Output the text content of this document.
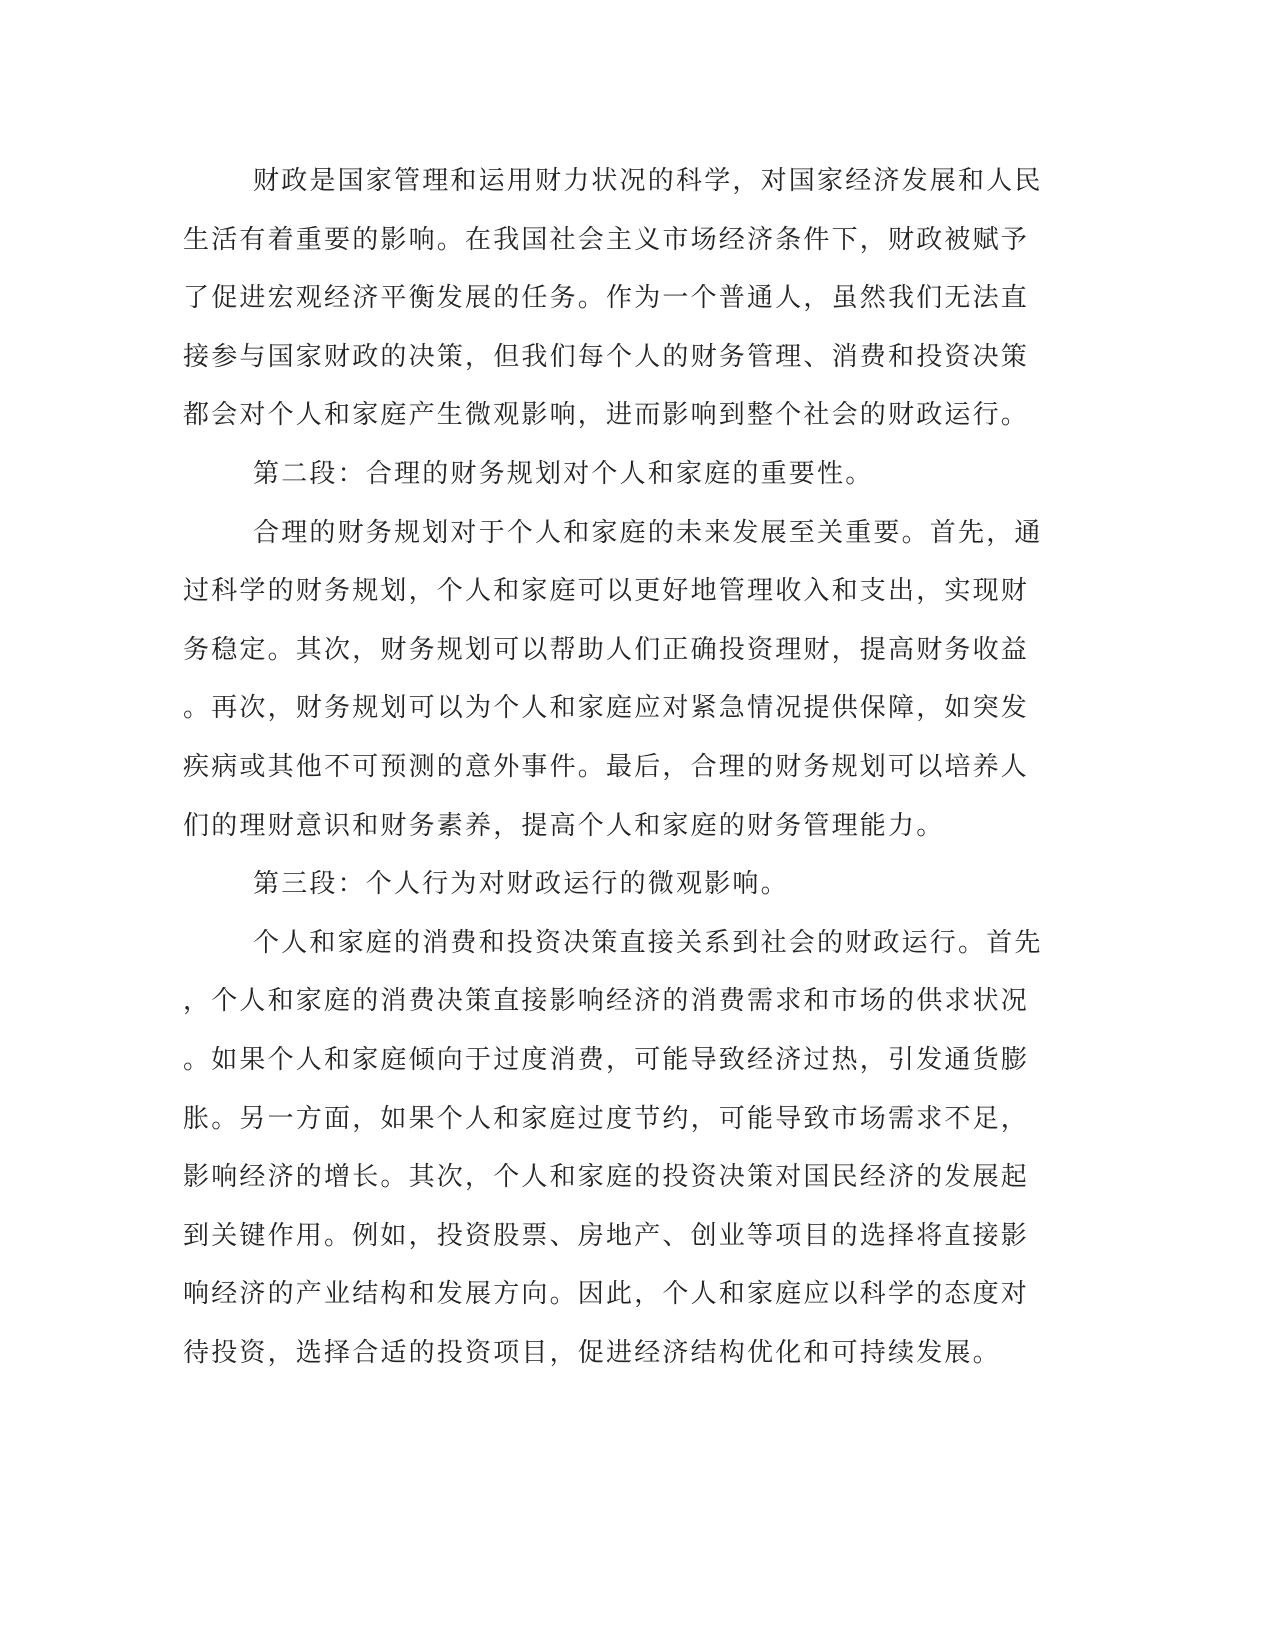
财政是国家管理和运用财力状况的科学，对国家经济发展和人民
生活有着重要的影响。在我国社会主义市场经济条件下，财政被赋予
了促进宏观经济平衡发展的任务。作为一个普通人，虽然我们无法直
接参与国家财政的决策，但我们每个人的财务管理、消费和投资决策
都会对个人和家庭产生微观影响，进而影响到整个社会的财政运行。
第二段：合理的财务规划对个人和家庭的重要性。
合理的财务规划对于个人和家庭的未来发展至关重要。首先，通
过科学的财务规划，个人和家庭可以更好地管理收入和支出，实现财
务稳定。其次，财务规划可以帮助人们正确投资理财，提高财务收益
。再次，财务规划可以为个人和家庭应对紧急情况提供保障，如突发
疾病或其他不可预测的意外事件。最后，合理的财务规划可以培养人
们的理财意识和财务素养，提高个人和家庭的财务管理能力。
第三段：个人行为对财政运行的微观影响。
个人和家庭的消费和投资决策直接关系到社会的财政运行。首先
，个人和家庭的消费决策直接影响经济的消费需求和市场的供求状况
。如果个人和家庭倾向于过度消费，可能导致经济过热，引发通货膨
胀。另一方面，如果个人和家庭过度节约，可能导致市场需求不足，
影响经济的增长。其次，个人和家庭的投资决策对国民经济的发展起
到关键作用。例如，投资股票、房地产、创业等项目的选择将直接影
响经济的产业结构和发展方向。因此，个人和家庭应以科学的态度对
待投资，选择合适的投资项目，促进经济结构优化和可持续发展。
